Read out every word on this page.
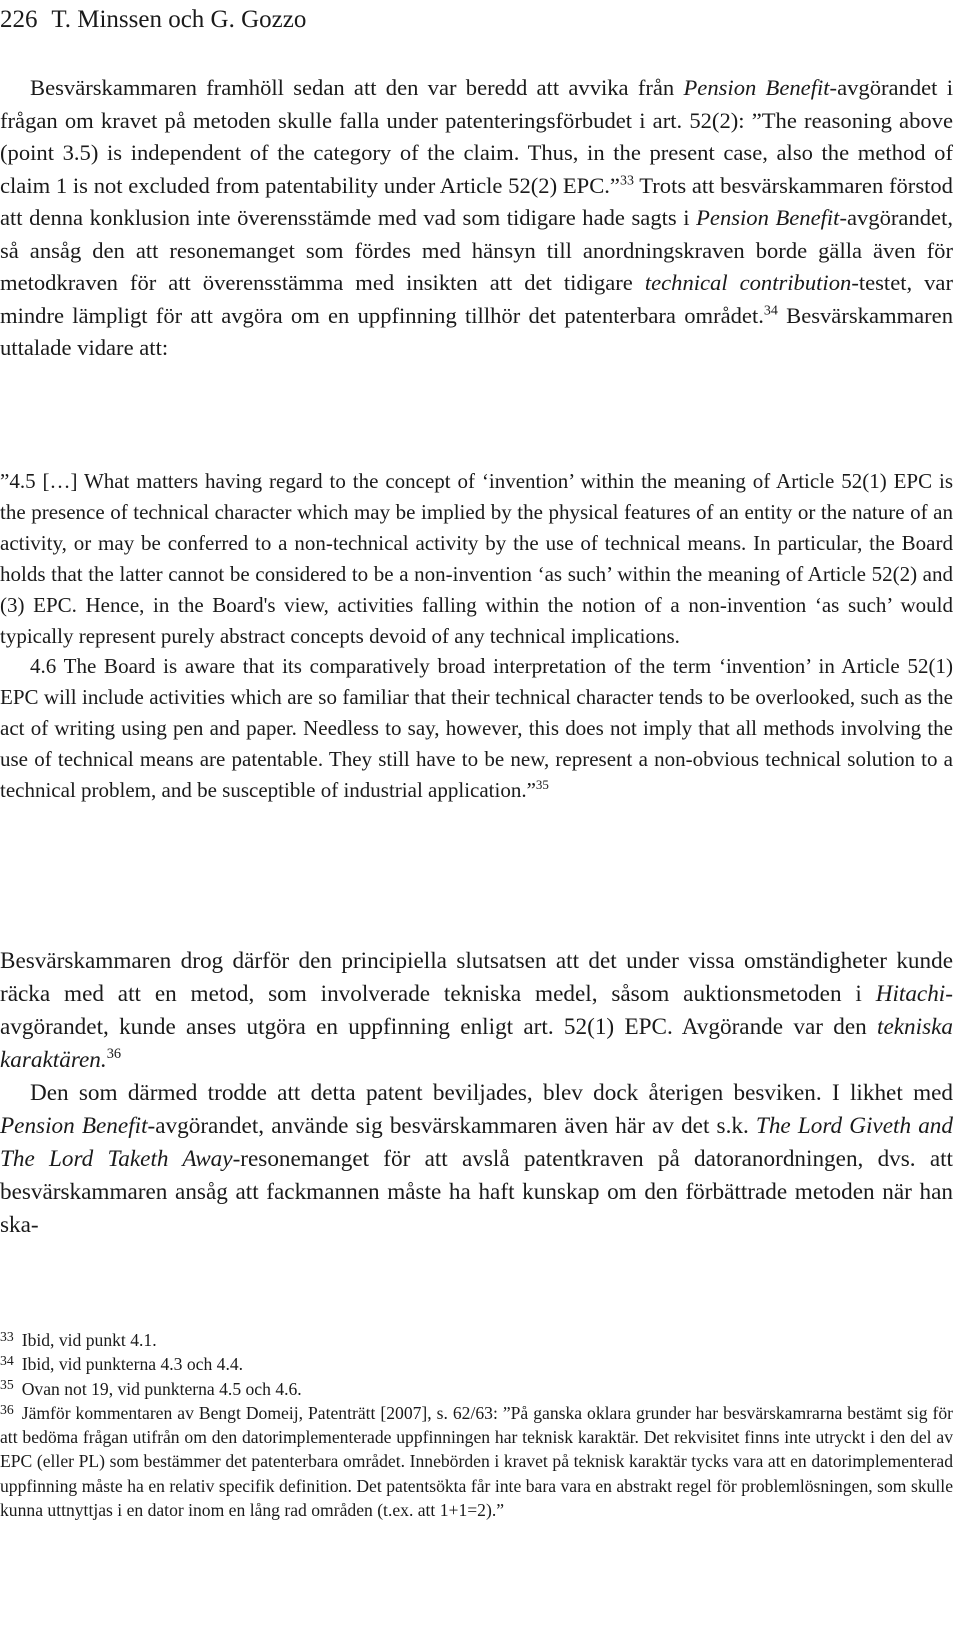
226 T. Minssen och G. Gozzo

Besvärskammaren framhöll sedan att den var beredd att avvika från Pension Benefit-avgörandet i frågan om kravet på metoden skulle falla under patenteringsförbudet i art. 52(2): ”The reasoning above (point 3.5) is independent of the category of the claim. Thus, in the present case, also the method of claim 1 is not excluded from patentability under Article 52(2) EPC.”$^{33}$ Trots att besvärskammaren förstod att denna konklusion inte överensstämde med vad som tidigare hade sagts i Pension Benefit-avgörandet, så ansåg den att resonemanget som fördes med hänsyn till anordningskraven borde gälla även för metodkraven för att överensstämma med insikten att det tidigare technical contribution-testet, var mindre lämpligt för att avgöra om en uppfinning tillhör det patenterbara området.$^{34}$ Besvärskammaren uttalade vidare att:

”4.5 […] What matters having regard to the concept of ‘invention’ within the meaning of Article 52(1) EPC is the presence of technical character which may be implied by the physical features of an entity or the nature of an activity, or may be conferred to a non-technical activity by the use of technical means. In particular, the Board holds that the latter cannot be considered to be a non-invention ‘as such’ within the meaning of Article 52(2) and (3) EPC. Hence, in the Board's view, activities falling within the notion of a non-invention ‘as such’ would typically represent purely abstract concepts devoid of any technical implications.

4.6 The Board is aware that its comparatively broad interpretation of the term ‘invention’ in Article 52(1) EPC will include activities which are so familiar that their technical character tends to be overlooked, such as the act of writing using pen and paper. Needless to say, however, this does not imply that all methods involving the use of technical means are patentable. They still have to be new, represent a non-obvious technical solution to a technical problem, and be susceptible of industrial application.”$^{35}$

Besvärskammaren drog därför den principiella slutsatsen att det under vissa omständigheter kunde räcka med att en metod, som involverade tekniska medel, såsom auktionsmetoden i Hitachi-avgörandet, kunde anses utgöra en uppfinning enligt art. 52(1) EPC. Avgörande var den tekniska karaktären.$^{36}$

Den som därmed trodde att detta patent beviljades, blev dock återigen besviken. I likhet med Pension Benefit-avgörandet, använde sig besvärskammaren även här av det s.k. The Lord Giveth and The Lord Taketh Away-resonemanget för att avslå patentkraven på datoranordningen, dvs. att besvärskammaren ansåg att fackmannen måste ha haft kunskap om den förbättrade metoden när han ska-

$^{33}$ Ibid, vid punkt 4.1.

$^{34}$ Ibid, vid punkterna 4.3 och 4.4.

$^{35}$ Ovan not 19, vid punkterna 4.5 och 4.6.

$^{36}$ Jämför kommentaren av Bengt Domeij, Patenträtt [2007], s. 62/63: ”På ganska oklara grunder har besvärskamrarna bestämt sig för att bedöma frågan utifrån om den datorimplementerade uppfinningen har teknisk karaktär. Det rekvisitet finns inte utryckt i den del av EPC (eller PL) som bestämmer det patenterbara området. Innebörden i kravet på teknisk karaktär tycks vara att en datorimplementerad uppfinning måste ha en relativ specifik definition. Det patentsökta får inte bara vara en abstrakt regel för problemlösningen, som skulle kunna uttnyttjas i en dator inom en lång rad områden (t.ex. att 1+1=2).”
